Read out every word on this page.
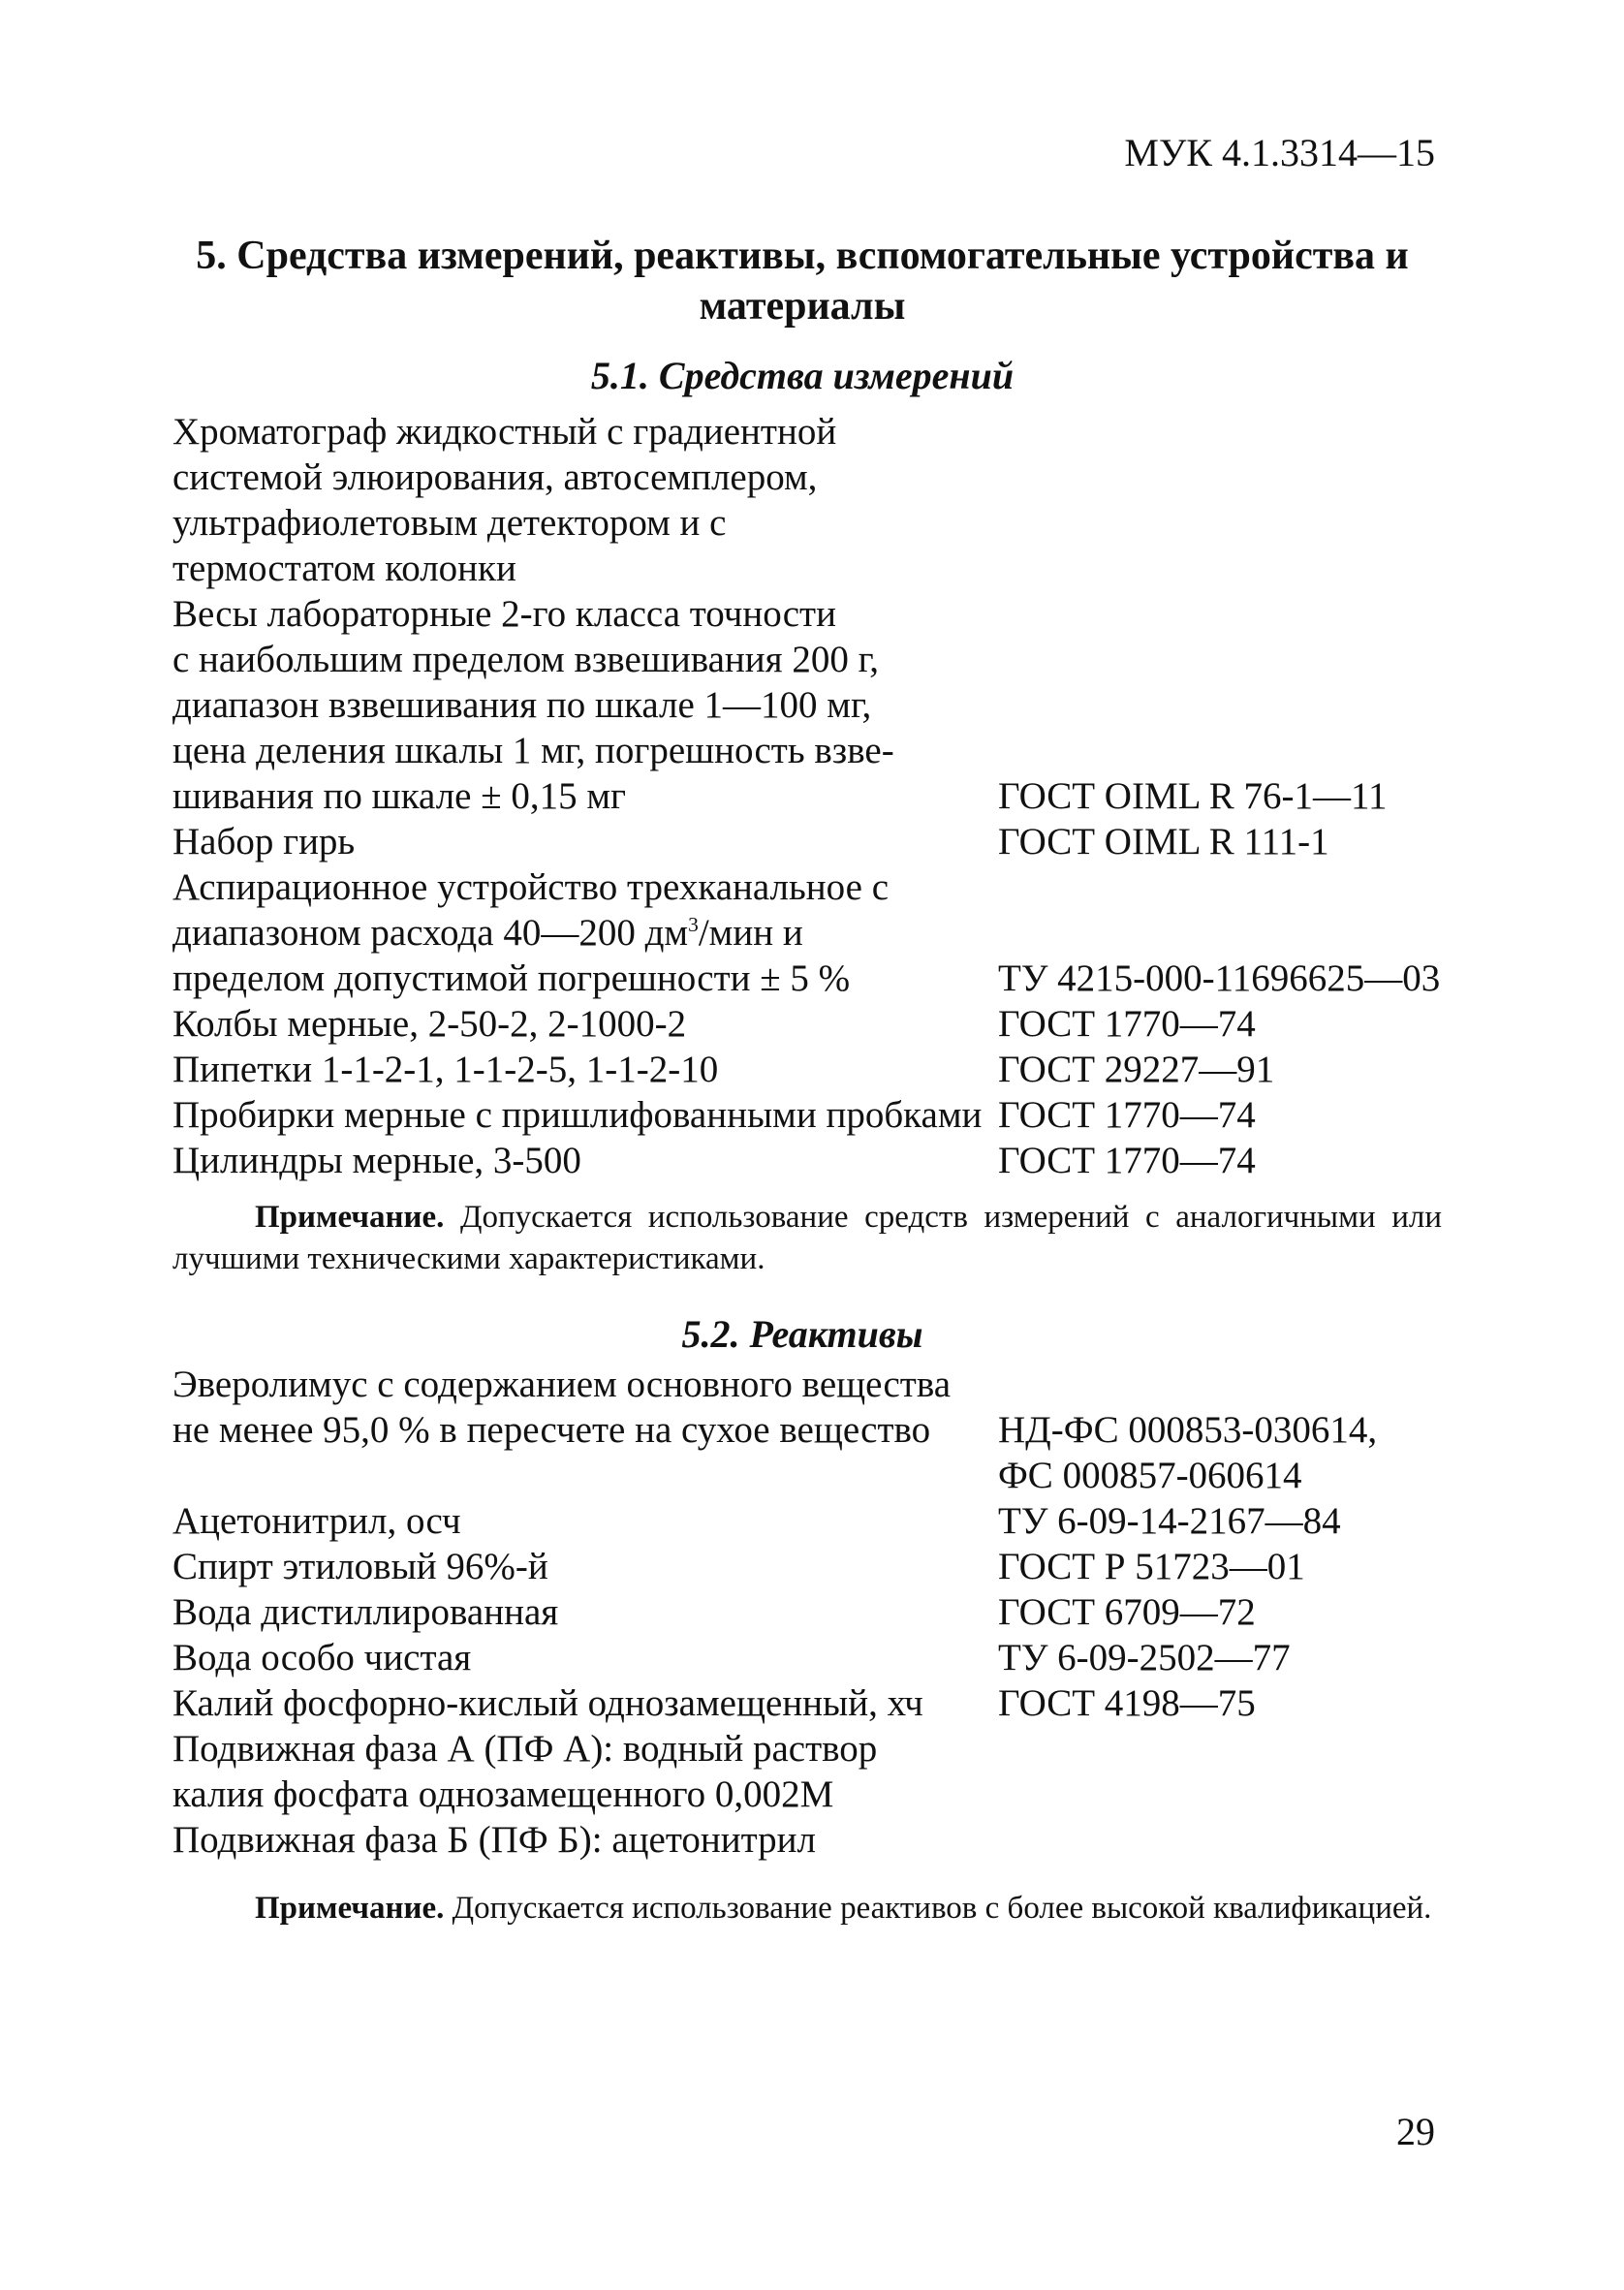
МУК 4.1.3314—15
5. Средства измерений, реактивы, вспомогательные устройства и материалы
5.1. Средства измерений
Хроматограф жидкостный с градиентной
системой элюирования, автосемплером,
ультрафиолетовым детектором и с
термостатом колонки
Весы лабораторные 2-го класса точности
с наибольшим пределом взвешивания 200 г,
диапазон взвешивания по шкале 1—100 мг,
цена деления шкалы 1 мг, погрешность взве-
шивания по шкале ± 0,15 мг	ГОСТ OIML R 76-1—11
Набор гирь	ГОСТ OIML R 111-1
Аспирационное устройство трехканальное с
диапазоном расхода 40—200 $дм^3$/мин и
пределом допустимой погрешности ± 5 %	ТУ 4215-000-11696625—03
Колбы мерные, 2-50-2, 2-1000-2	ГОСТ 1770—74
Пипетки 1-1-2-1, 1-1-2-5, 1-1-2-10	ГОСТ 29227—91
Пробирки мерные с пришлифованными пробками ГОСТ 1770—74
Цилиндры мерные, 3-500	ГОСТ 1770—74
Примечание. Допускается использование средств измерений с аналогичными или лучшими техническими характеристиками.
5.2. Реактивы
Эверолимус с содержанием основного вещества
не менее 95,0 % в пересчете на сухое вещество	НД-ФС 000853-030614,
ФС 000857-060614
Ацетонитрил, осч	ТУ 6-09-14-2167—84
Спирт этиловый 96%-й	ГОСТ Р 51723—01
Вода дистиллированная	ГОСТ 6709—72
Вода особо чистая	ТУ 6-09-2502—77
Калий фосфорно-кислый однозамещенный, хч	ГОСТ 4198—75
Подвижная фаза А (ПФ А): водный раствор
калия фосфата однозамещенного 0,002М
Подвижная фаза Б (ПФ Б): ацетонитрил
Примечание. Допускается использование реактивов с более высокой квалификацией.
29
